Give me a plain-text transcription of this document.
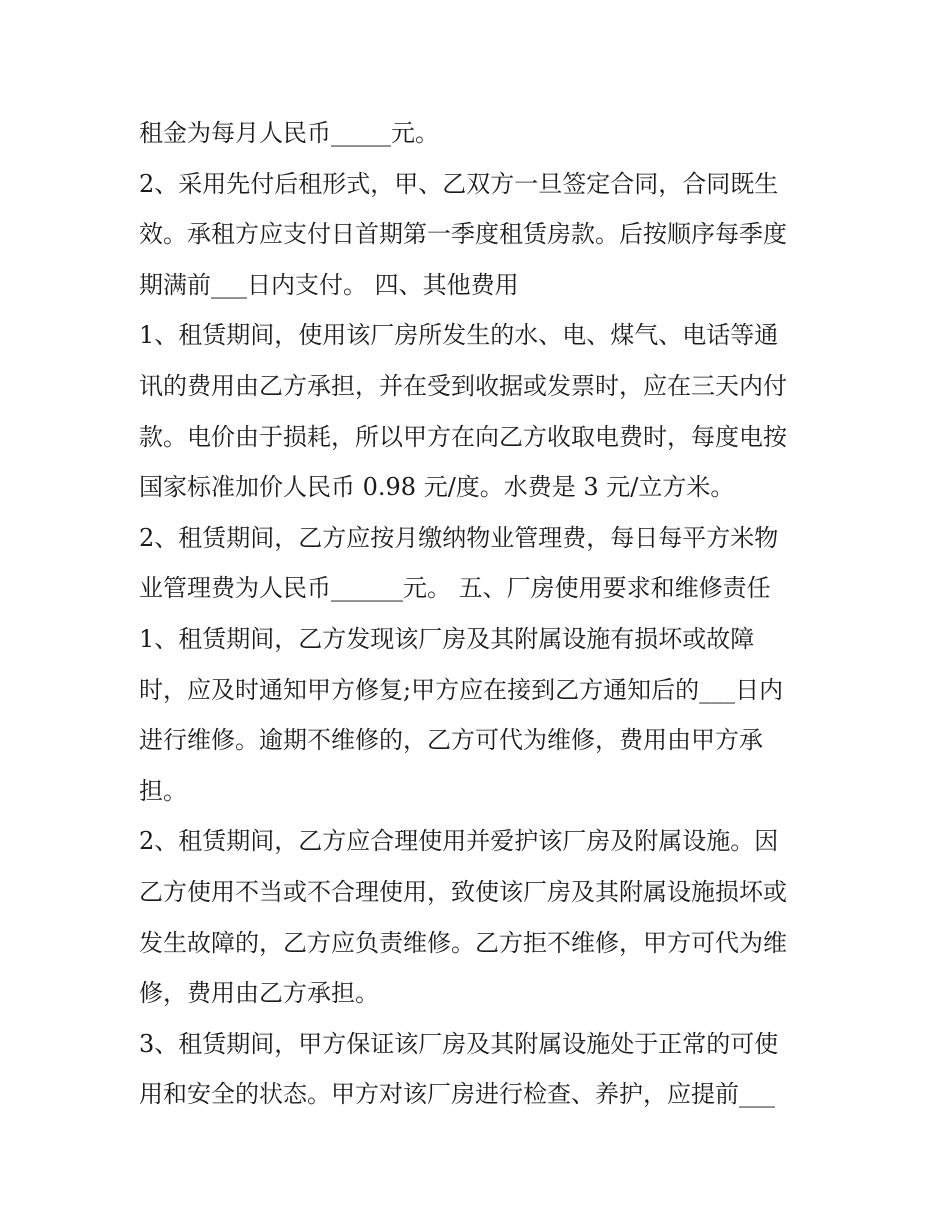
租金为每月人民币_____元。
2、采用先付后租形式，甲、乙双方一旦签定合同，合同既生
效。承租方应支付日首期第一季度租赁房款。后按顺序每季度
期满前___日内支付。 四、其他费用
1、租赁期间，使用该厂房所发生的水、电、煤气、电话等通
讯的费用由乙方承担，并在受到收据或发票时，应在三天内付
款。电价由于损耗，所以甲方在向乙方收取电费时，每度电按
国家标准加价人民币 0.98 元/度。水费是 3 元/立方米。
2、租赁期间，乙方应按月缴纳物业管理费，每日每平方米物
业管理费为人民币______元。 五、厂房使用要求和维修责任
1、租赁期间，乙方发现该厂房及其附属设施有损坏或故障
时，应及时通知甲方修复;甲方应在接到乙方通知后的___日内
进行维修。逾期不维修的，乙方可代为维修，费用由甲方承
担。
2、租赁期间，乙方应合理使用并爱护该厂房及附属设施。因
乙方使用不当或不合理使用，致使该厂房及其附属设施损坏或
发生故障的，乙方应负责维修。乙方拒不维修，甲方可代为维
修，费用由乙方承担。
3、租赁期间，甲方保证该厂房及其附属设施处于正常的可使
用和安全的状态。甲方对该厂房进行检查、养护，应提前___
